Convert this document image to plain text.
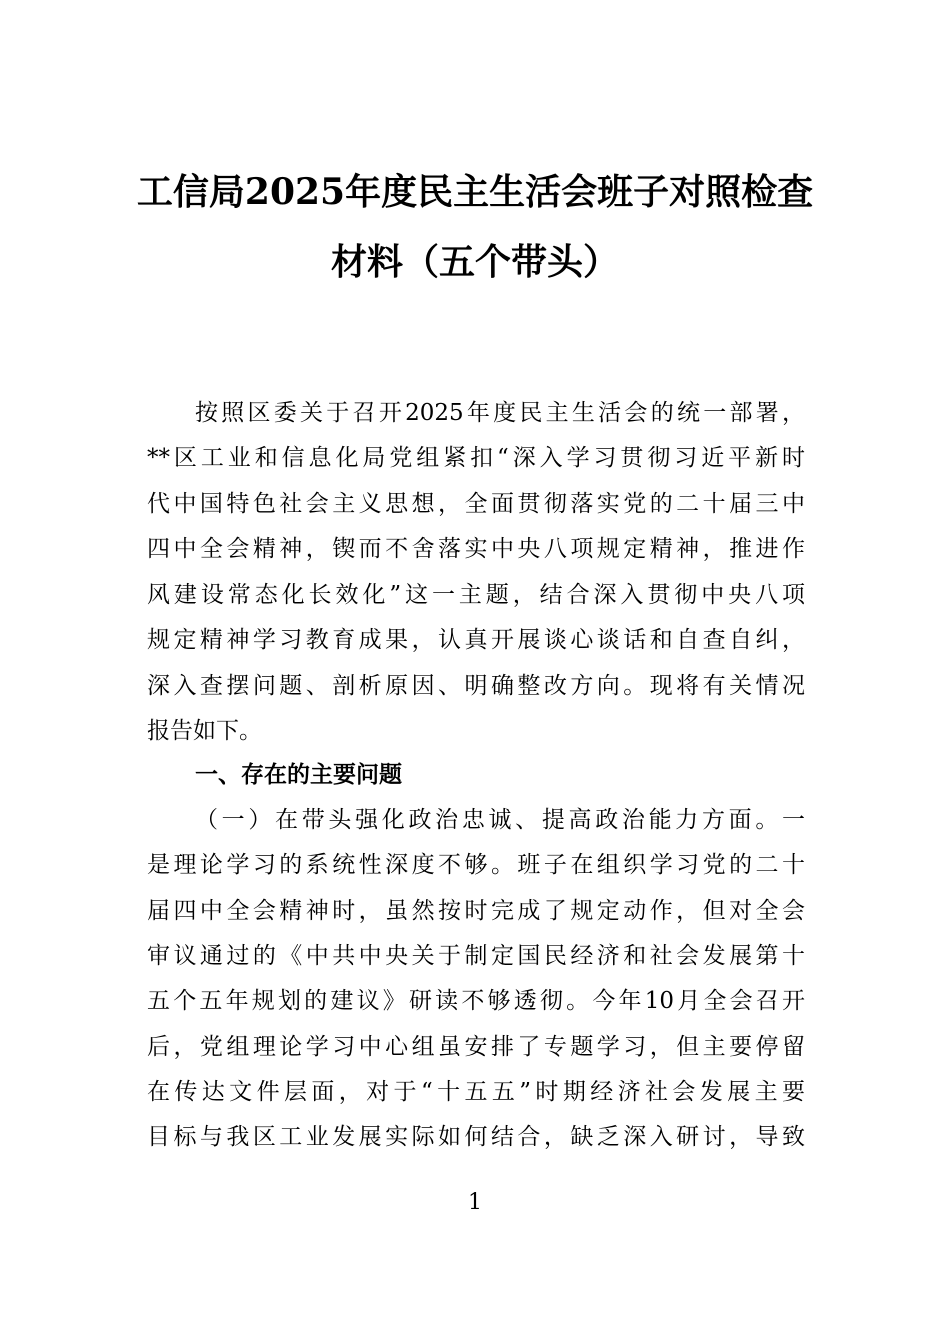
工信局2025年度民主生活会班子对照检查
材料（五个带头）
按照区委关于召开2025年度民主生活会的统一部署，
**区工业和信息化局党组紧扣“深入学习贯彻习近平新时
代中国特色社会主义思想，全面贯彻落实党的二十届三中
四中全会精神，锲而不舍落实中央八项规定精神，推进作
风建设常态化长效化”这一主题，结合深入贯彻中央八项
规定精神学习教育成果，认真开展谈心谈话和自查自纠，
深入查摆问题、剖析原因、明确整改方向。现将有关情况
报告如下。
一、存在的主要问题
（一）在带头强化政治忠诚、提高政治能力方面。一
是理论学习的系统性深度不够。班子在组织学习党的二十
届四中全会精神时，虽然按时完成了规定动作，但对全会
审议通过的《中共中央关于制定国民经济和社会发展第十
五个五年规划的建议》研读不够透彻。今年10月全会召开
后，党组理论学习中心组虽安排了专题学习，但主要停留
在传达文件层面，对于“十五五”时期经济社会发展主要
目标与我区工业发展实际如何结合，缺乏深入研讨，导致
1
